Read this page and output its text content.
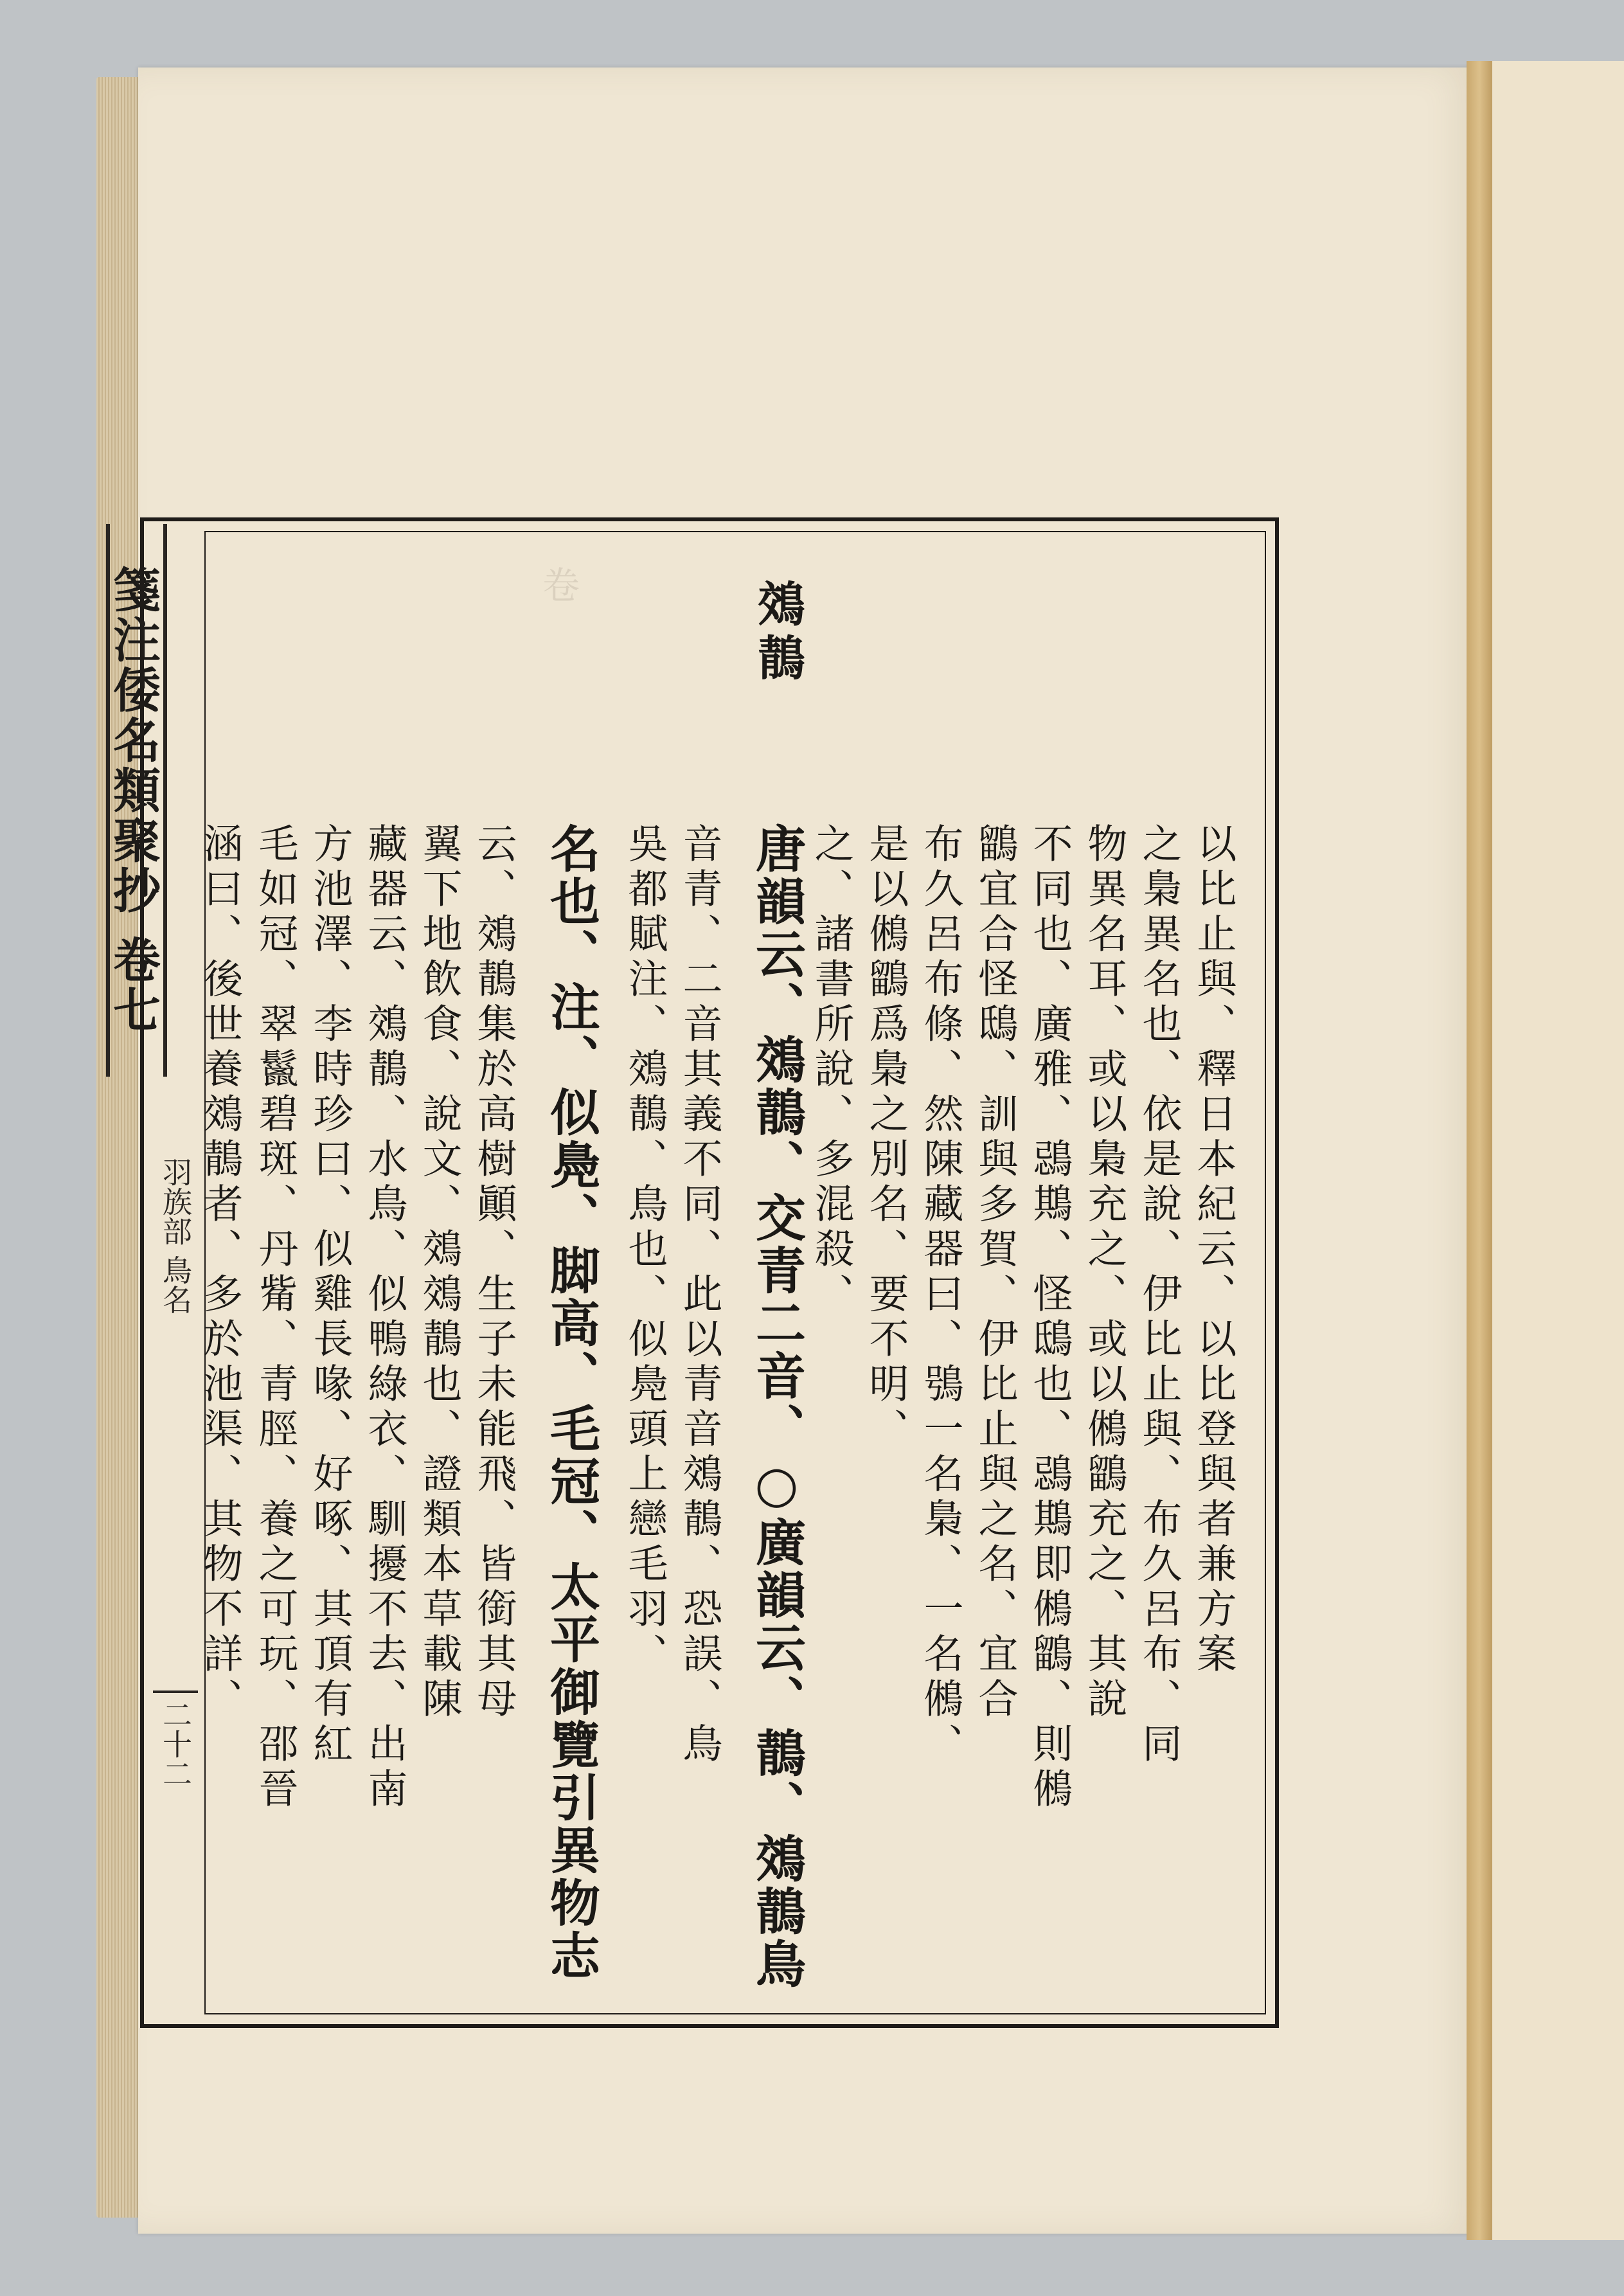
箋注倭名類聚抄 卷七
羽族部 鳥名
二十二
卷	鵁鶄
以比止與、釋日本紀云、以比登與者兼方案
之梟異名也、依是說、伊比止與、布久呂布、同
物異名耳、或以梟充之、或以鵂鶹充之、其說
不同也、廣雅、鵋䳢、怪鴟也、鵋䳢即鵂鶹、則鵂
鶹宜合怪鴟、訓與多賀、伊比止與之名、宜合
布久呂布條、然陳藏器曰、鴞一名梟、一名鵂、
是以鵂鶹爲梟之別名、要不明、
之、諸書所說、多混殺、
唐韻云、鵁鶄、交青二音、○廣韻云、鶄、鵁鶄鳥
音青、二音其義不同、此以青音鵁鶄、恐誤、鳥
吳都賦注、鵁鶄、鳥也、似鳧頭上戀毛羽、
名也、注、似鳧、脚高、毛冠、太平御覽引異物志
云、鵁鶄集於高樹顚、生子未能飛、皆銜其母
翼下地飲食、說文、鵁鵁鶄也、證類本草載陳
藏器云、鵁鶄、水鳥、似鴨綠衣、馴擾不去、出南
方池澤、李時珍曰、似雞長喙、好啄、其頂有紅
毛如冠、翠鬣碧斑、丹觜、青脛、養之可玩、邵晉
涵曰、後世養鵁鶄者、多於池渠、其物不詳、
